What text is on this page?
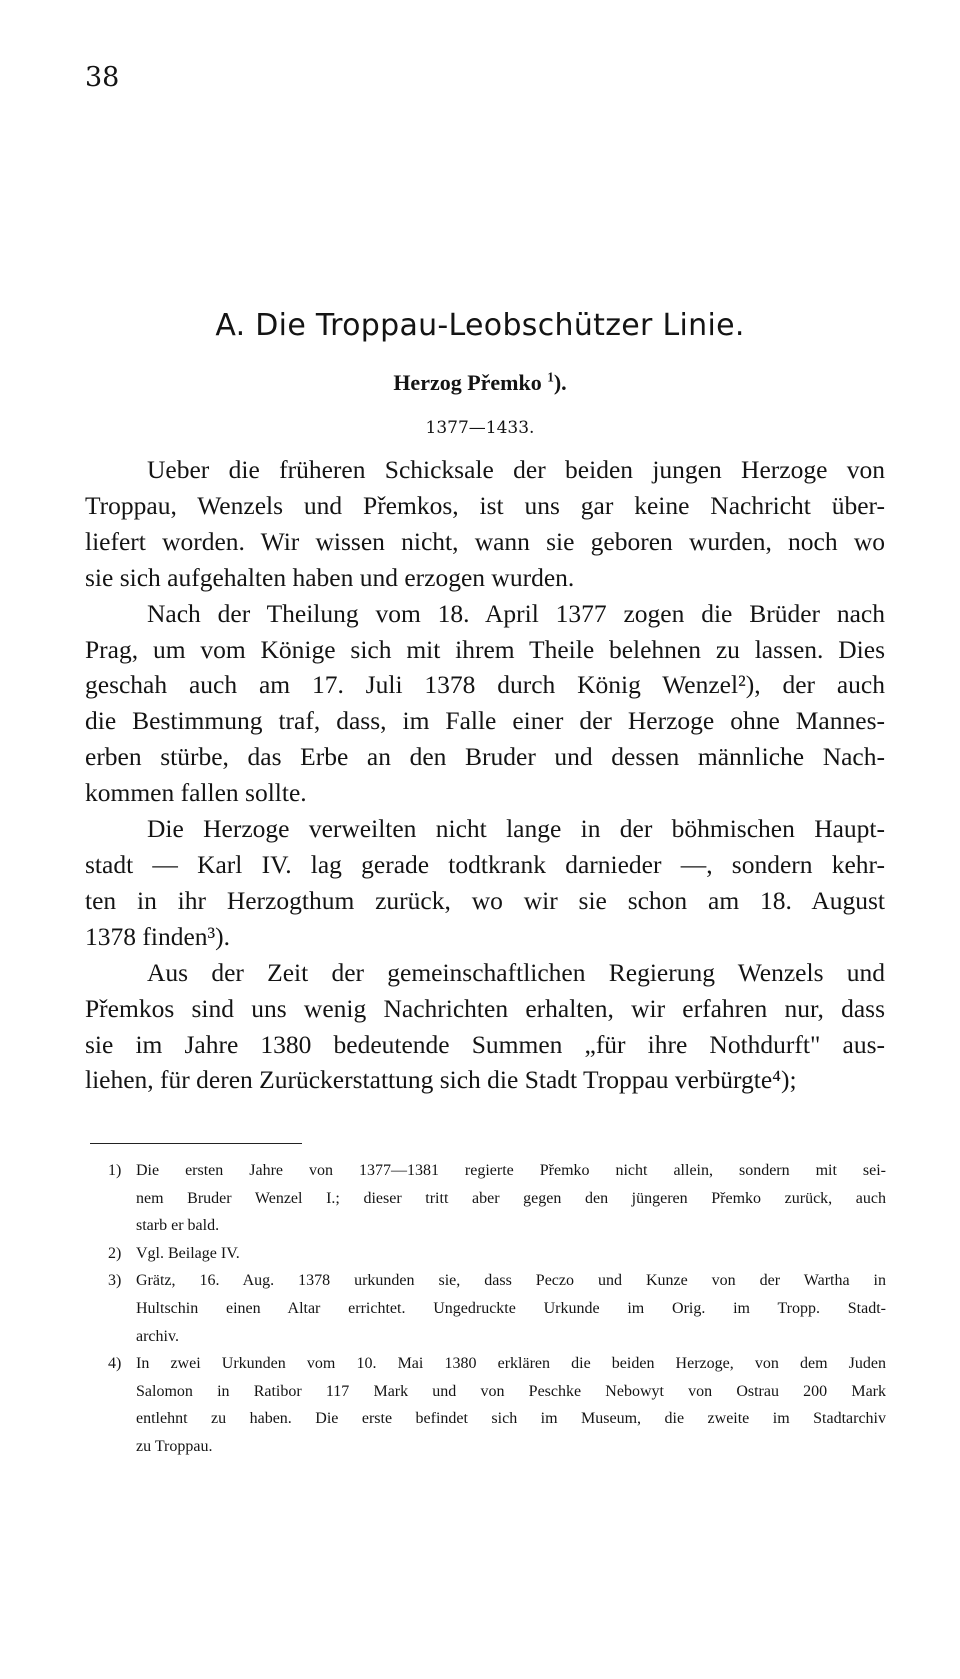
38
A. Die Troppau-Leobschützer Linie.
Herzog Přemko $^1$).
1377—1433.

Ueber die früheren Schicksale der beiden jungen Herzoge von
Troppau, Wenzels und Přemkos, ist uns gar keine Nachricht über-
liefert worden. Wir wissen nicht, wann sie geboren wurden, noch wo
sie sich aufgehalten haben und erzogen wurden.

Nach der Theilung vom 18. April 1377 zogen die Brüder nach
Prag, um vom Könige sich mit ihrem Theile belehnen zu lassen. Dies
geschah auch am 17. Juli 1378 durch König Wenzel²), der auch
die Bestimmung traf, dass, im Falle einer der Herzoge ohne Mannes-
erben stürbe, das Erbe an den Bruder und dessen männliche Nach-
kommen fallen sollte.

Die Herzoge verweilten nicht lange in der böhmischen Haupt-
stadt — Karl IV. lag gerade todtkrank darnieder —, sondern kehr-
ten in ihr Herzogthum zurück, wo wir sie schon am 18. August
1378 finden³).

Aus der Zeit der gemeinschaftlichen Regierung Wenzels und
Přemkos sind uns wenig Nachrichten erhalten, wir erfahren nur, dass
sie im Jahre 1380 bedeutende Summen „für ihre Nothdurft" aus-
liehen, für deren Zurückerstattung sich die Stadt Troppau verbürgte⁴);

1) Die ersten Jahre von 1377—1381 regierte Přemko nicht allein, sondern mit sei-
nem Bruder Wenzel I.; dieser tritt aber gegen den jüngeren Přemko zurück, auch
starb er bald.
2) Vgl. Beilage IV.
3) Grätz, 16. Aug. 1378 urkunden sie, dass Peczo und Kunze von der Wartha in
Hultschin einen Altar errichtet. Ungedruckte Urkunde im Orig. im Tropp. Stadt-
archiv.
4) In zwei Urkunden vom 10. Mai 1380 erklären die beiden Herzoge, von dem Juden
Salomon in Ratibor 117 Mark und von Peschke Nebowyt von Ostrau 200 Mark
entlehnt zu haben. Die erste befindet sich im Museum, die zweite im Stadtarchiv
zu Troppau.
